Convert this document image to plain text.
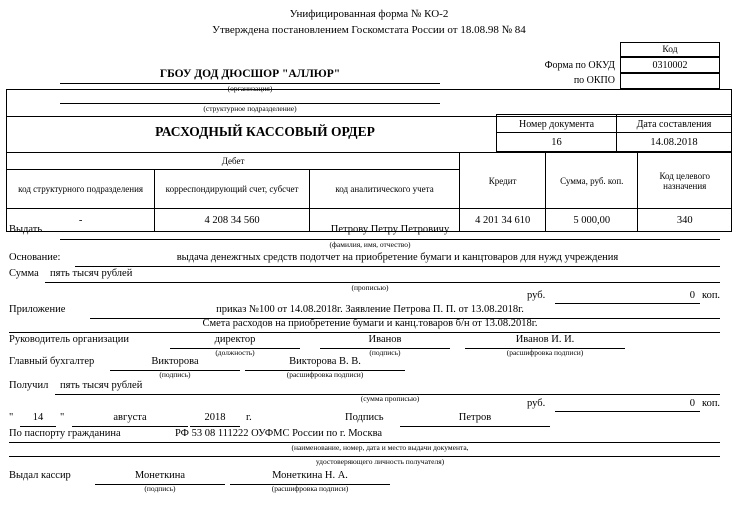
Унифицированная форма № КО-2
Утверждена постановлением Госкомстата России от 18.08.98 № 84
Код
0310002
Форма по ОКУД
по ОКПО
ГБОУ ДОД ДЮСШОР "АЛЛЮР"
(организация)
(структурное подразделение)
Номер документа	Дата составления
16	14.08.2018
РАСХОДНЫЙ КАССОВЫЙ ОРДЕР
Дебет			Кредит	Сумма, руб. коп.	Код целевого назначения
код структурного подразделения	корреспондирующий счет, субсчет	код аналитического учета			
-	4 208 34 560		4 201 34 610	5 000,00	340
Выдать	Петрову Петру Петровичу
(фамилия, имя, отчество)
Основание:	выдача денежгных средств подотчет на приобретение бумаги и канцтоваров для нужд учреждения
Сумма пять тысяч рублей
(прописью)
руб.	0 коп.
Приложение	приказ №100 от 14.08.2018г. Заявление Петрова П. П. от 13.08.2018г.
Смета расходов на приобретение бумаги и канц.товаров б/н от 13.08.2018г.
Руководитель организации	директор
(должность)
Иванов
(подпись)
Иванов И. И.
(расшифровка подписи)
Главный бухгалтер	Викторова
(подпись)
Викторова В. В.
(расшифровка подписи)
Получил пять тысяч рублей
(сумма прописью)	руб.	0 коп.
"	14	"	августа	2018	г.	Подпись	Петров
По паспорту гражданина	РФ 53 08 111222 ОУФМС России по г. Москва
(наименование, номер, дата и место выдачи документа,
удостоверяющего личность получателя)
Выдал кассир	Монеткина
(подпись)
Монеткина Н. А.
(расшифровка подписи)
